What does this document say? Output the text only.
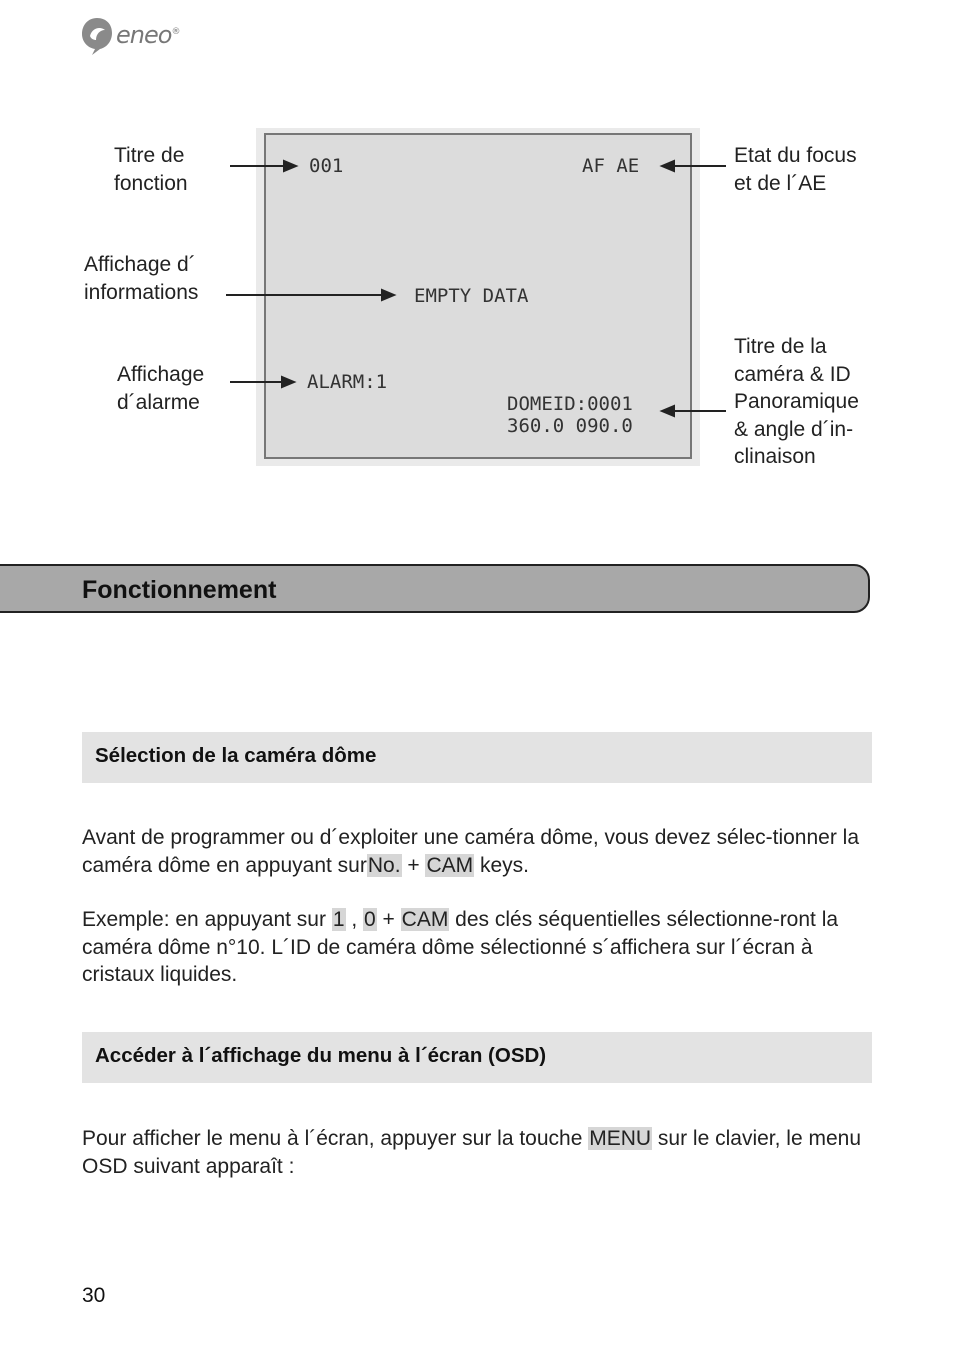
eneo®
001	AF AE
EMPTY DATA
ALARM:1
DOMEID:0001
360.0 090.0
Titre de
fonction
Affichage d´
informations
Affichage
d´alarme
Etat du focus
et de l´AE
Titre de la
caméra & ID
Panoramique
& angle d´in-
clinaison
Fonctionnement
Sélection de la caméra dôme
Avant de programmer ou d´exploiter une caméra dôme, vous devez sélec-tionner la caméra dôme en appuyant surNo. + CAM keys.
Exemple: en appuyant sur 1 , 0 + CAM des clés séquentielles sélectionne-ront la caméra dôme n°10. L´ID de caméra dôme sélectionné s´affichera sur l´écran à cristaux liquides.
Accéder à l´affichage du menu à l´écran (OSD)
Pour afficher le menu à l´écran, appuyer sur la touche MENU sur le clavier, le menu OSD suivant apparaît :
30
